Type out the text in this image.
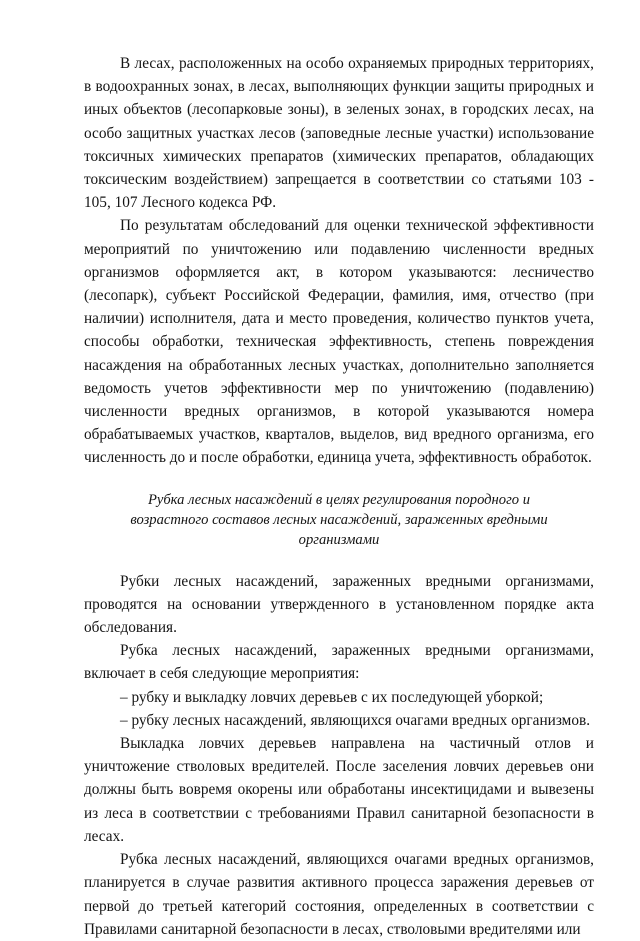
В лесах, расположенных на особо охраняемых природных территориях, в водоохранных зонах, в лесах, выполняющих функции защиты природных и иных объектов (лесопарковые зоны), в зеленых зонах, в городских лесах, на особо защитных участках лесов (заповедные лесные участки) использование токсичных химических препаратов (химических препаратов, обладающих токсическим воздействием) запрещается в соответствии со статьями 103 - 105, 107 Лесного кодекса РФ.

По результатам обследований для оценки технической эффективности мероприятий по уничтожению или подавлению численности вредных организмов оформляется акт, в котором указываются: лесничество (лесопарк), субъект Российской Федерации, фамилия, имя, отчество (при наличии) исполнителя, дата и место проведения, количество пунктов учета, способы обработки, техническая эффективность, степень повреждения насаждения на обработанных лесных участках, дополнительно заполняется ведомость учетов эффективности мер по уничтожению (подавлению) численности вредных организмов, в которой указываются номера обрабатываемых участков, кварталов, выделов, вид вредного организма, его численность до и после обработки, единица учета, эффективность обработок.

Рубка лесных насаждений в целях регулирования породного и возрастного составов лесных насаждений, зараженных вредными организмами

Рубки лесных насаждений, зараженных вредными организмами, проводятся на основании утвержденного в установленном порядке акта обследования.

Рубка лесных насаждений, зараженных вредными организмами, включает в себя следующие мероприятия:

– рубку и выкладку ловчих деревьев с их последующей уборкой;

– рубку лесных насаждений, являющихся очагами вредных организмов.

Выкладка ловчих деревьев направлена на частичный отлов и уничтожение стволовых вредителей. После заселения ловчих деревьев они должны быть вовремя окорены или обработаны инсектицидами и вывезены из леса в соответствии с требованиями Правил санитарной безопасности в лесах.

Рубка лесных насаждений, являющихся очагами вредных организмов, планируется в случае развития активного процесса заражения деревьев от первой до третьей категорий состояния, определенных в соответствии с Правилами санитарной безопасности в лесах, стволовыми вредителями или
